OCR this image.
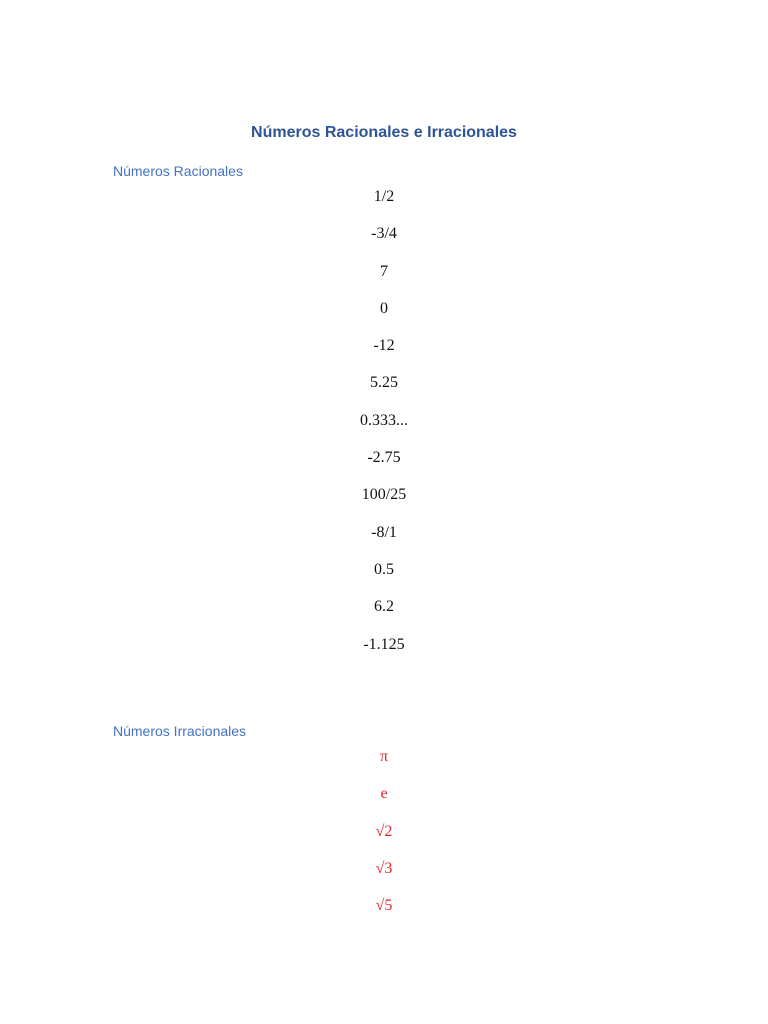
Números Racionales e Irracionales
Números Racionales
1/2
-3/4
7
0
-12
5.25
0.333...
-2.75
100/25
-8/1
0.5
6.2
-1.125
Números Irracionales
π
e
√2
√3
√5
